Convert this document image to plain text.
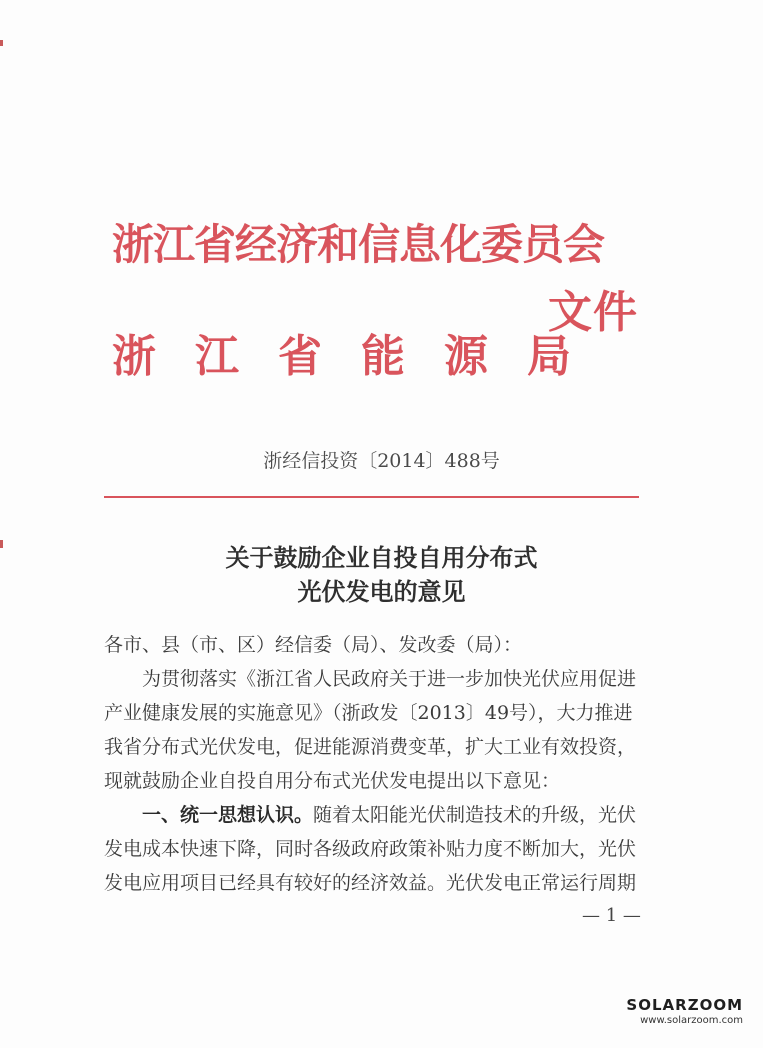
浙江省经济和信息化委员会
浙江省能源局
文件
浙经信投资〔2014〕488号
关于鼓励企业自投自用分布式
光伏发电的意见
各市、县（市、区）经信委（局）、发改委（局）：
为贯彻落实《浙江省人民政府关于进一步加快光伏应用促进
产业健康发展的实施意见》（浙政发〔2013〕49号），大力推进
我省分布式光伏发电，促进能源消费变革，扩大工业有效投资，
现就鼓励企业自投自用分布式光伏发电提出以下意见：
一、统一思想认识。随着太阳能光伏制造技术的升级，光伏
发电成本快速下降，同时各级政府政策补贴力度不断加大，光伏
发电应用项目已经具有较好的经济效益。光伏发电正常运行周期
— 1 —
SOLARZOOM
www.solarzoom.com
